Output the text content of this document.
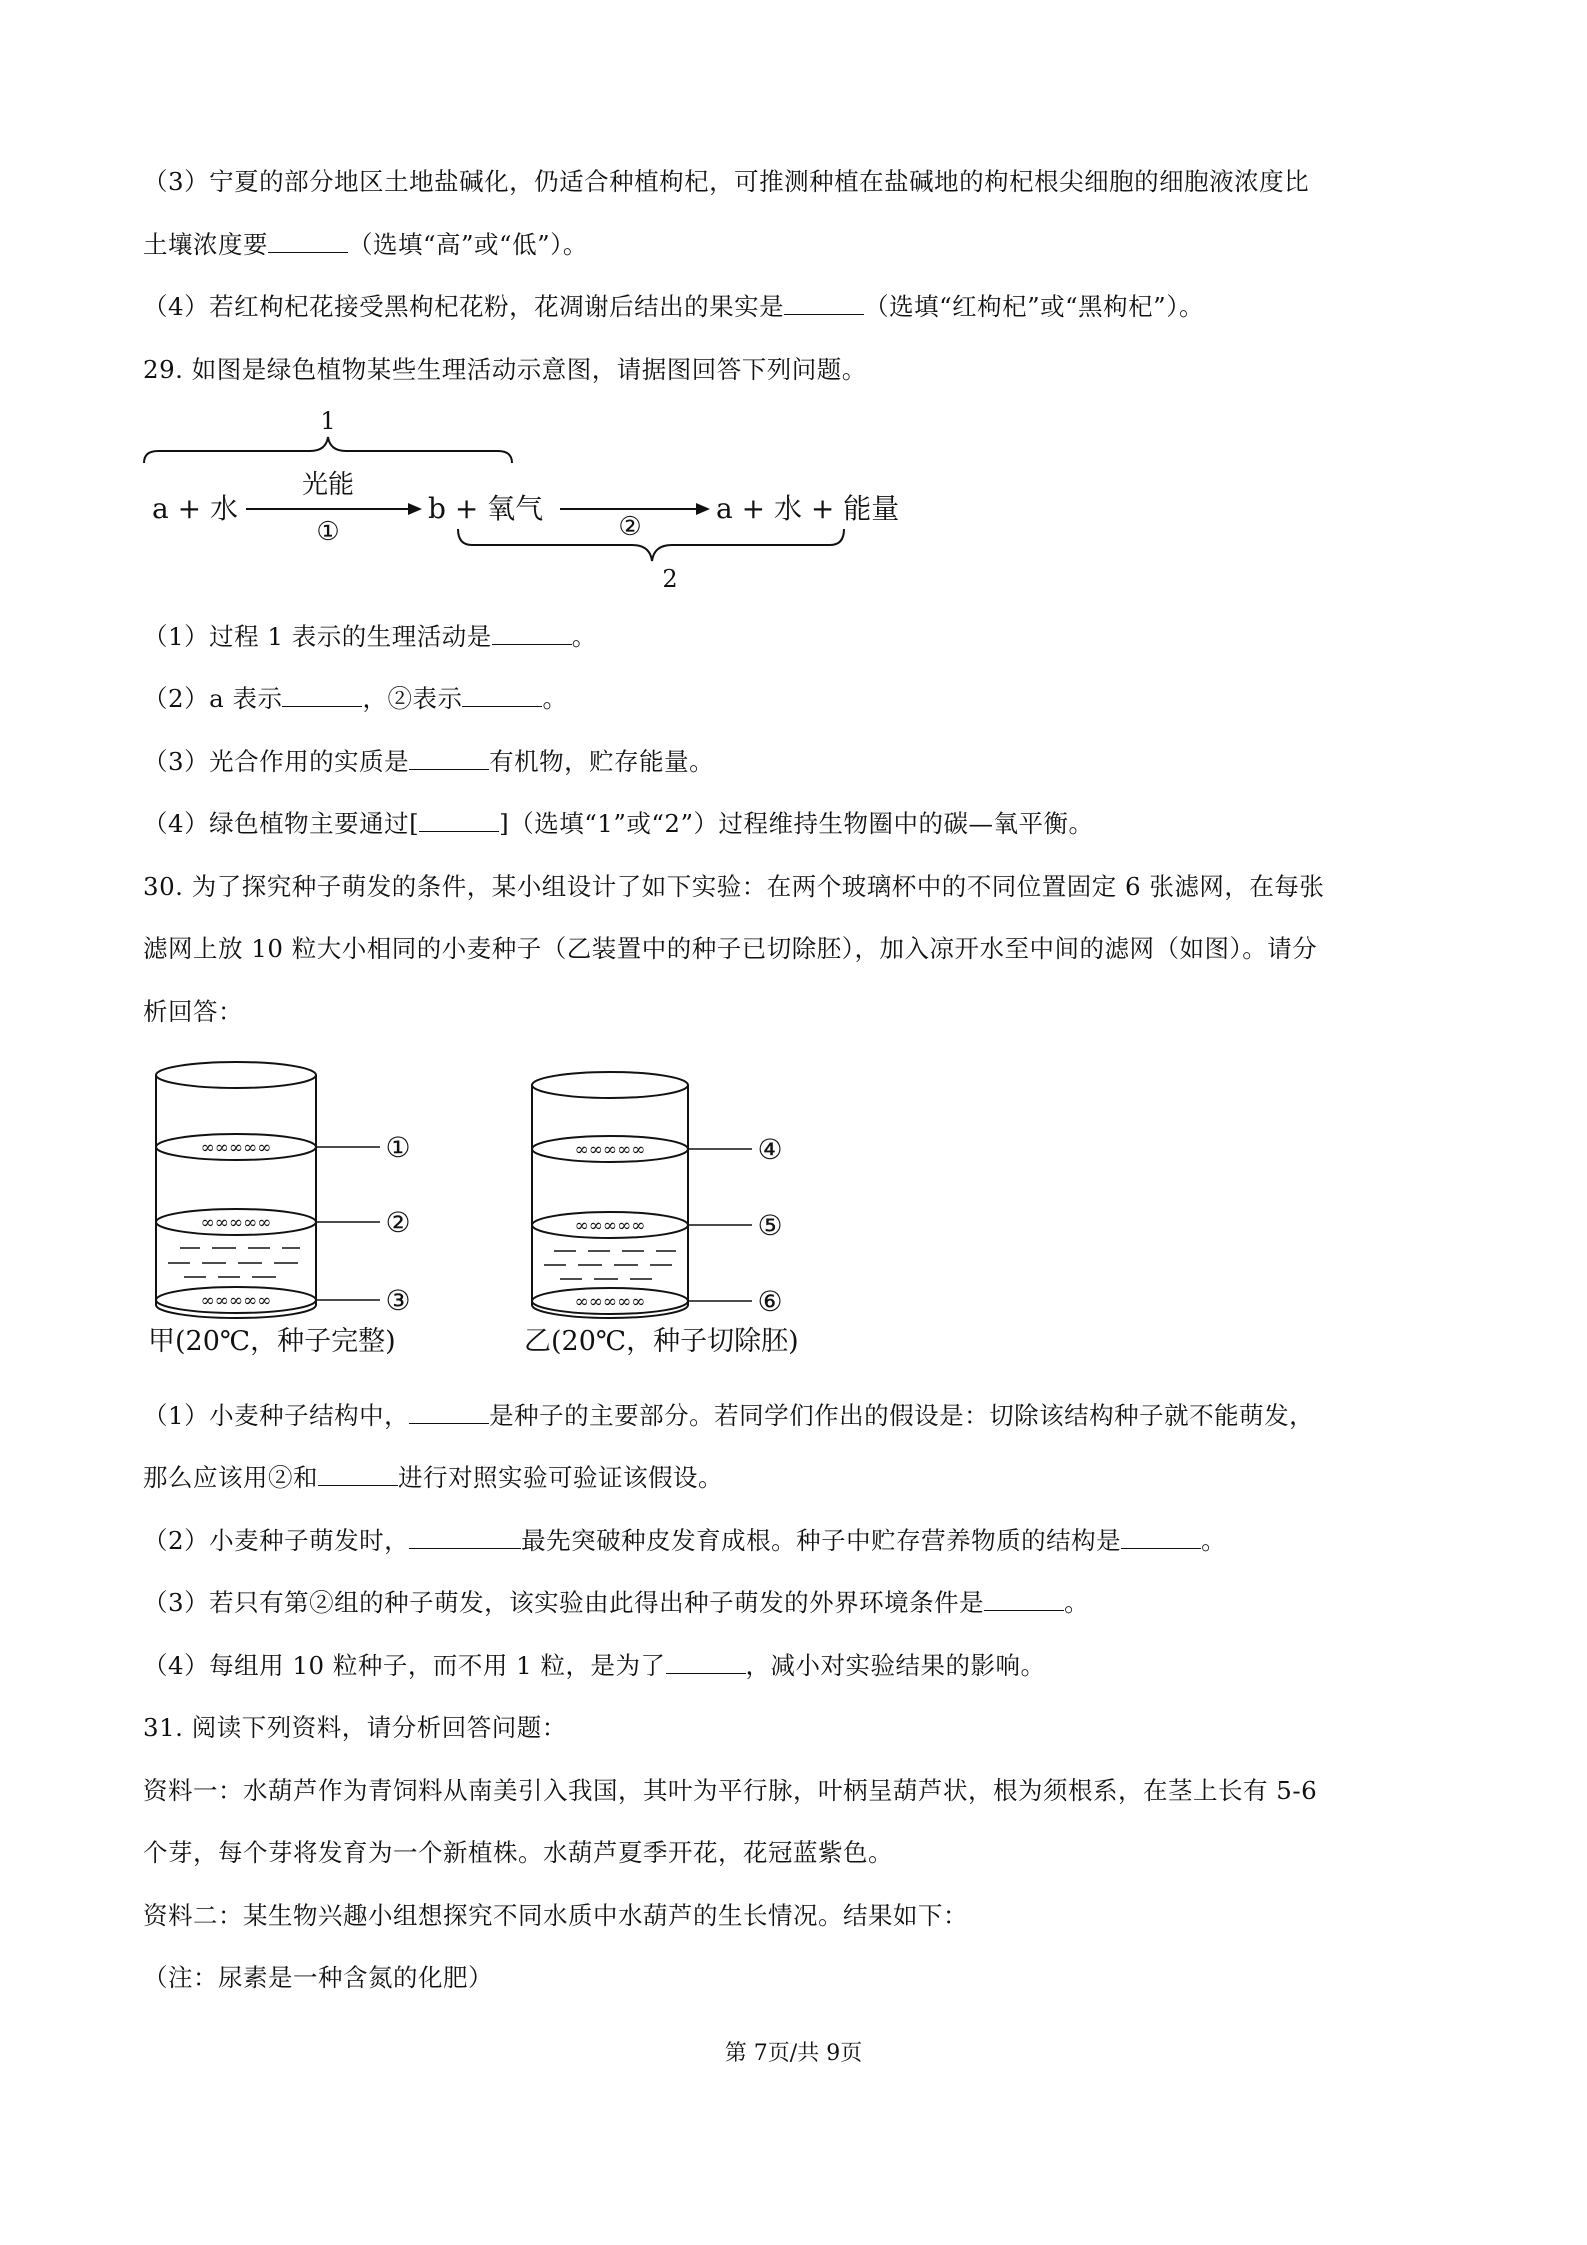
（3）宁夏的部分地区土地盐碱化，仍适合种植枸杞，可推测种植在盐碱地的枸杞根尖细胞的细胞液浓度比
土壤浓度要	（选填“高”或“低”）。
（4）若红枸杞花接受黑枸杞花粉，花凋谢后结出的果实是	（选填“红枸杞”或“黑枸杞”）。
29. 如图是绿色植物某些生理活动示意图，请据图回答下列问题。
1
a + 水
光能
①
b + 氧气
②
a + 水 + 能量
2
（1）过程 1 表示的生理活动是	。
（2）a 表示	，②表示	。
（3）光合作用的实质是	有机物，贮存能量。
（4）绿色植物主要通过[	]（选填“1”或“2”）过程维持生物圈中的碳—氧平衡。
30. 为了探究种子萌发的条件，某小组设计了如下实验：在两个玻璃杯中的不同位置固定 6 张滤网，在每张
滤网上放 10 粒大小相同的小麦种子（乙装置中的种子已切除胚），加入凉开水至中间的滤网（如图）。请分
析回答：
∞∞∞∞∞
∞∞∞∞∞
∞∞∞∞∞
①
②
③
甲(20℃，种子完整)
∞∞∞∞∞
∞∞∞∞∞
∞∞∞∞∞
④
⑤
⑥
乙(20℃，种子切除胚)
（1）小麦种子结构中，	是种子的主要部分。若同学们作出的假设是：切除该结构种子就不能萌发，
那么应该用②和	进行对照实验可验证该假设。
（2）小麦种子萌发时，	最先突破种皮发育成根。种子中贮存营养物质的结构是	。
（3）若只有第②组的种子萌发，该实验由此得出种子萌发的外界环境条件是	。
（4）每组用 10 粒种子，而不用 1 粒，是为了	，减小对实验结果的影响。
31. 阅读下列资料，请分析回答问题：
资料一：水葫芦作为青饲料从南美引入我国，其叶为平行脉，叶柄呈葫芦状，根为须根系，在茎上长有 5-6
个芽，每个芽将发育为一个新植株。水葫芦夏季开花，花冠蓝紫色。
资料二：某生物兴趣小组想探究不同水质中水葫芦的生长情况。结果如下：
（注：尿素是一种含氮的化肥）
第 7页/共 9页
